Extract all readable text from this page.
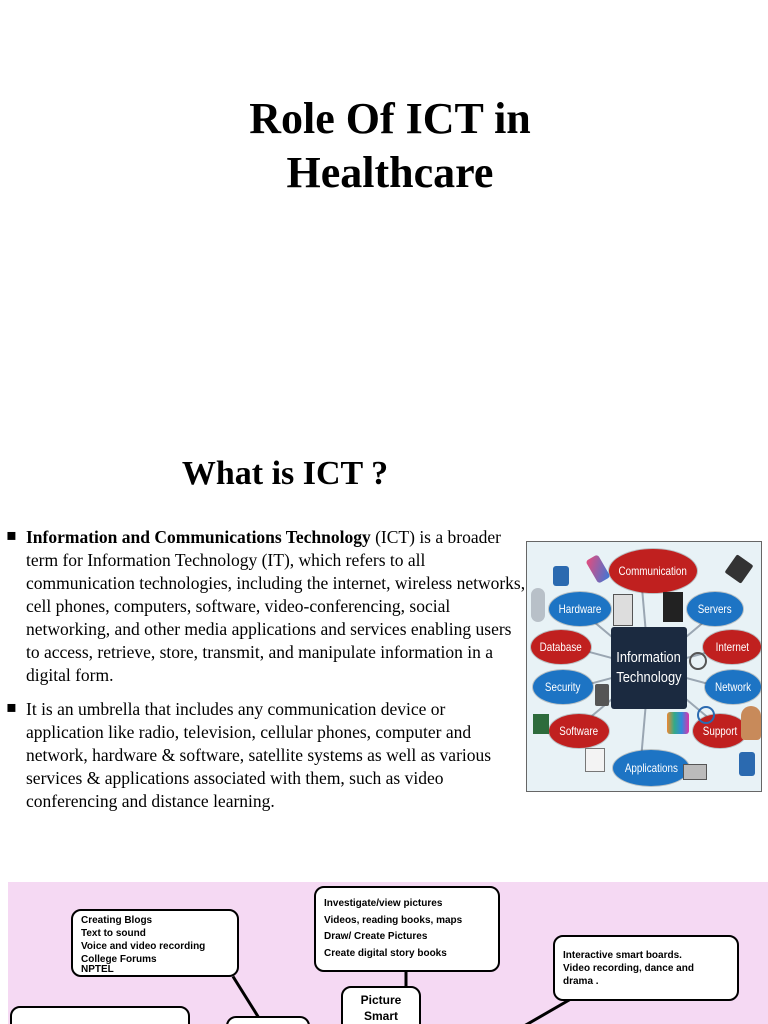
Role Of ICT in
Healthcare
What is ICT ?
▪ Information and Communications Technology (ICT) is a broader term for Information Technology (IT), which refers to all communication technologies, including the internet, wireless networks, cell phones, computers, software, video-conferencing, social networking, and other media applications and services enabling users to access, retrieve, store, transmit, and manipulate information in a digital form.
▪ It is an umbrella that includes any communication device or application like radio, television, cellular phones, computer and network, hardware & software, satellite systems as well as various services & applications associated with them, such as video conferencing and distance learning.
Information
Technology
Communication
Hardware	Servers
Database	Internet
Security	Network
Software	Support
Applications
Creating Blogs
Text to sound
Voice and video recording
College Forums
NPTEL
Investigate/view pictures
Videos, reading books, maps
Draw/ Create Pictures
Create digital story books	Interactive smart boards.
Video recording, dance and
drama .
Picture
Smart
